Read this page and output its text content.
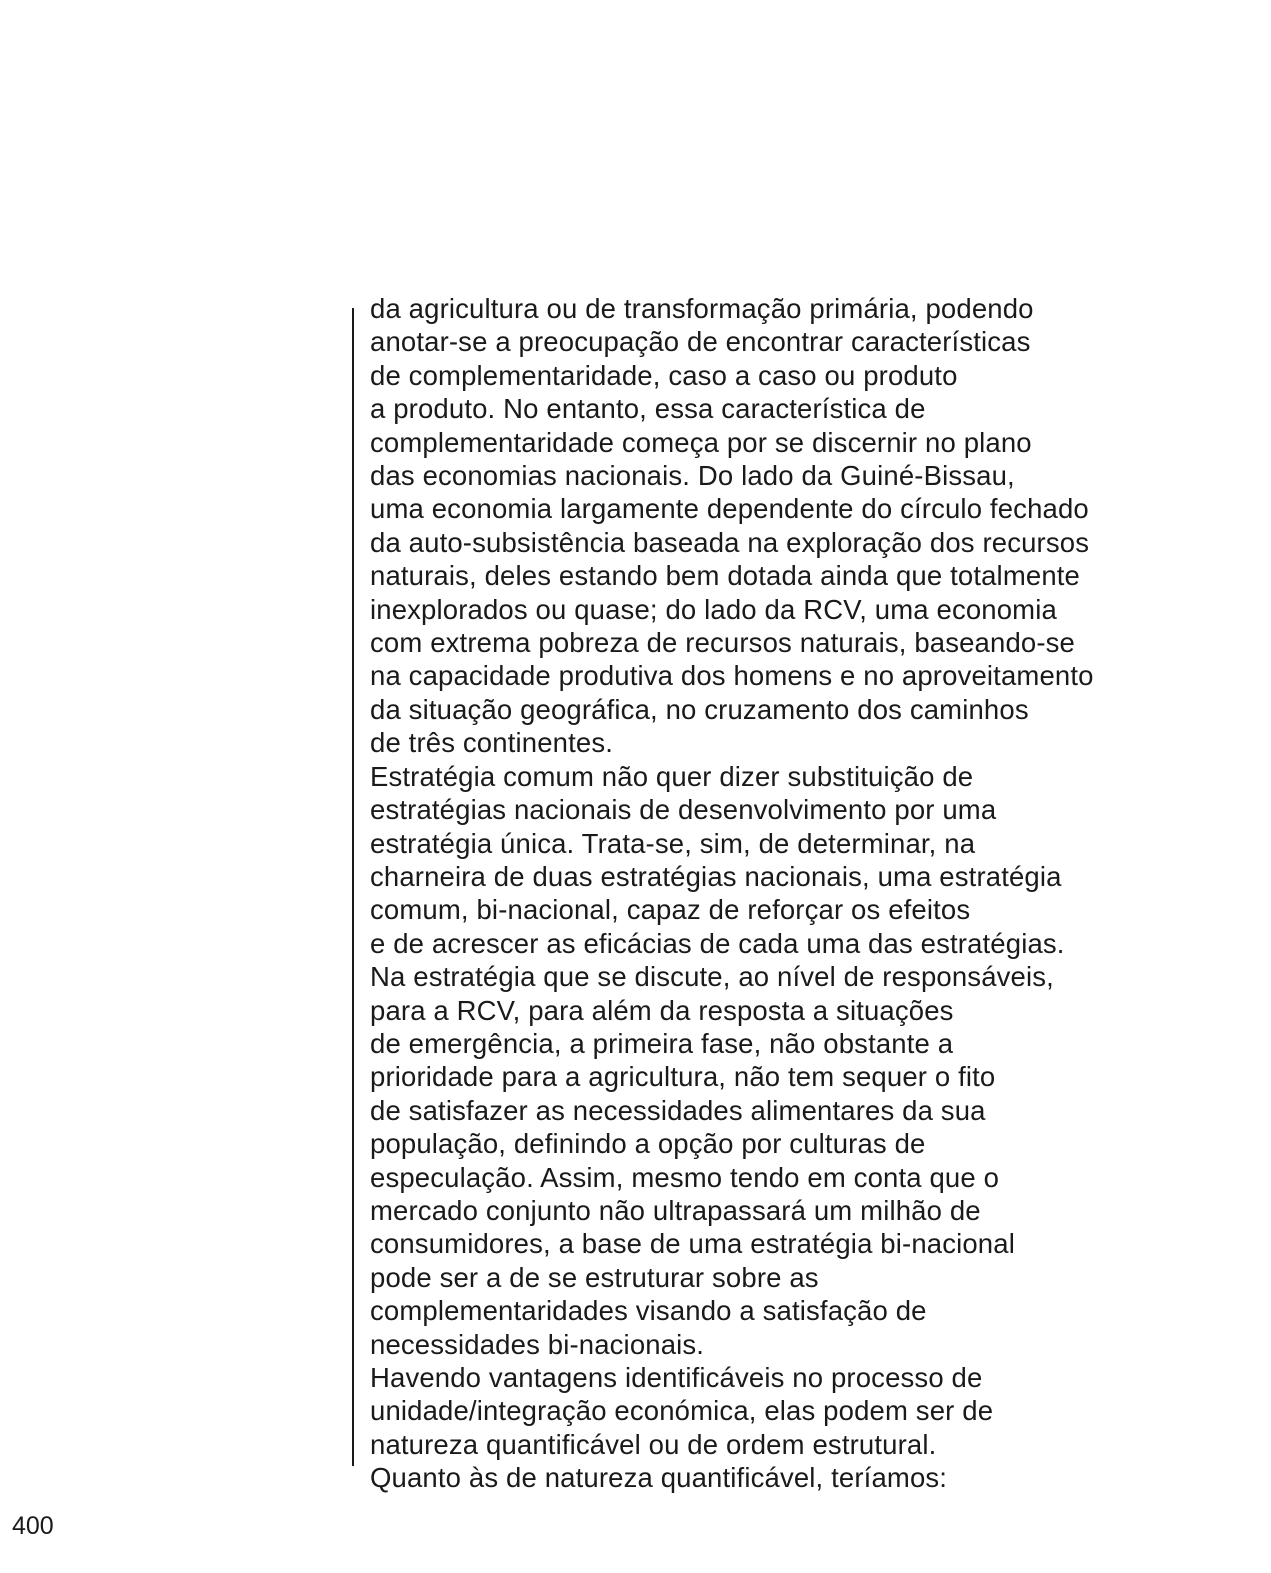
da agricultura ou de transformação primária, podendo
anotar-se a preocupação de encontrar características
de complementaridade, caso a caso ou produto
a produto. No entanto, essa característica de
complementaridade começa por se discernir no plano
das economias nacionais. Do lado da Guiné-Bissau,
uma economia largamente dependente do círculo fechado
da auto-subsistência baseada na exploração dos recursos
naturais, deles estando bem dotada ainda que totalmente
inexplorados ou quase; do lado da RCV, uma economia
com extrema pobreza de recursos naturais, baseando-se
na capacidade produtiva dos homens e no aproveitamento
da situação geográfica, no cruzamento dos caminhos
de três continentes.
Estratégia comum não quer dizer substituição de
estratégias nacionais de desenvolvimento por uma
estratégia única. Trata-se, sim, de determinar, na
charneira de duas estratégias nacionais, uma estratégia
comum, bi-nacional, capaz de reforçar os efeitos
e de acrescer as eficácias de cada uma das estratégias.
Na estratégia que se discute, ao nível de responsáveis,
para a RCV, para além da resposta a situações
de emergência, a primeira fase, não obstante a
prioridade para a agricultura, não tem sequer o fito
de satisfazer as necessidades alimentares da sua
população, definindo a opção por culturas de
especulação. Assim, mesmo tendo em conta que o
mercado conjunto não ultrapassará um milhão de
consumidores, a base de uma estratégia bi-nacional
pode ser a de se estruturar sobre as
complementaridades visando a satisfação de
necessidades bi-nacionais.
Havendo vantagens identificáveis no processo de
unidade/integração económica, elas podem ser de
natureza quantificável ou de ordem estrutural.
Quanto às de natureza quantificável, teríamos:
400
